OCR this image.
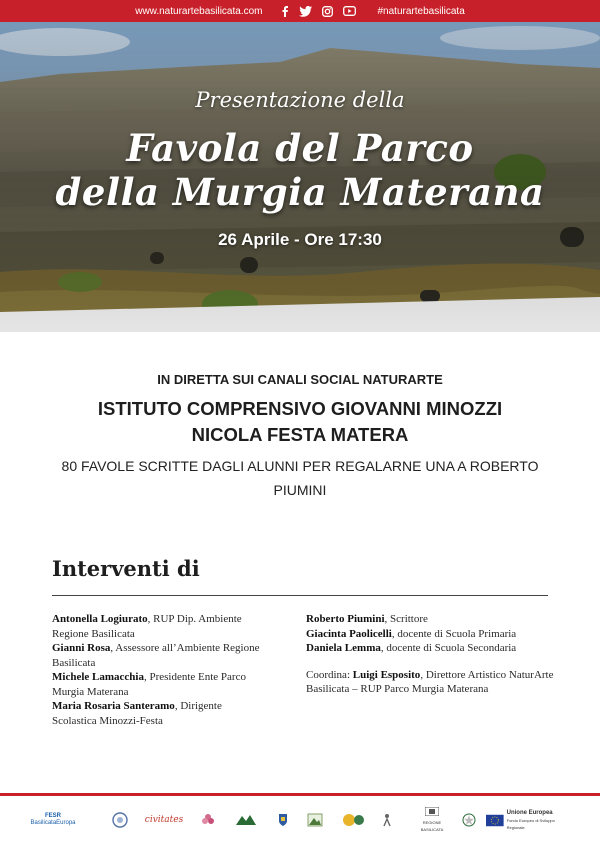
www.naturartebasilicata.com	#naturartebasilicata
Presentazione della
Favola del Parco
della Murgia Materana
26 Aprile - Ore 17:30
IN DIRETTA SUI CANALI SOCIAL NATURARTE
ISTITUTO COMPRENSIVO GIOVANNI MINOZZI
NICOLA FESTA MATERA
80 FAVOLE SCRITTE DAGLI ALUNNI PER REGALARNE UNA A ROBERTO PIUMINI
Interventi di
Antonella Logiurato, RUP Dip. Ambiente Regione Basilicata
Gianni Rosa, Assessore all’Ambiente Regione Basilicata
Michele Lamacchia, Presidente Ente Parco Murgia Materana
Maria Rosaria Santeramo, Dirigente Scolastica Minozzi-Festa
Roberto Piumini, Scrittore
Giacinta Paolicelli, docente di Scuola Primaria
Daniela Lemma, docente di Scuola Secondaria
Coordina: Luigi Esposito, Direttore Artistico NaturArte Basilicata – RUP Parco Murgia Materana
FESR
BasilicataEuropa	civitates	REGIONE BASILICATA
Unione Europea
Fondo Europeo di Sviluppo Regionale
